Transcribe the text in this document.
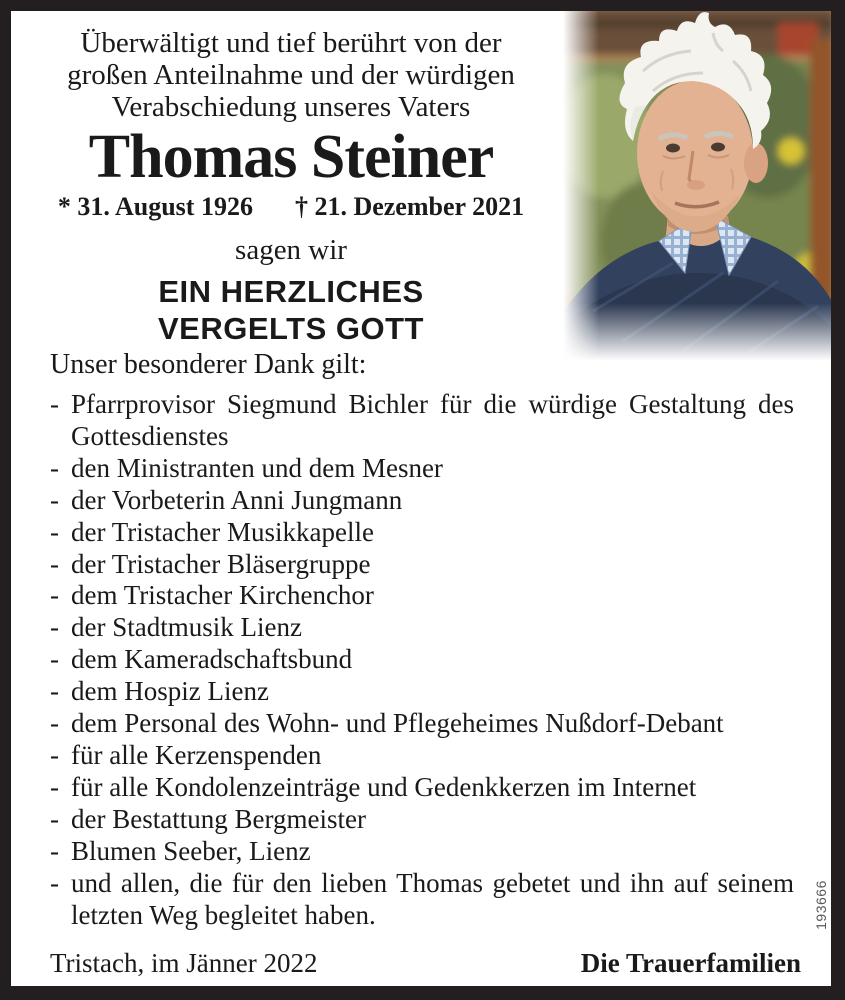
Überwältigt und tief berührt von der
großen Anteilnahme und der würdigen
Verabschiedung unseres Vaters
Thomas Steiner
* 31. August 1926 † 21. Dezember 2021
sagen wir
EIN HERZLICHES
VERGELTS GOTT
Unser besonderer Dank gilt:
- Pfarrprovisor Siegmund Bichler für die würdige Gestaltung des Gottesdienstes
- den Ministranten und dem Mesner
- der Vorbeterin Anni Jungmann
- der Tristacher Musikkapelle
- der Tristacher Bläsergruppe
- dem Tristacher Kirchenchor
- der Stadtmusik Lienz
- dem Kameradschaftsbund
- dem Hospiz Lienz
- dem Personal des Wohn- und Pflegeheimes Nußdorf-Debant
- für alle Kerzenspenden
- für alle Kondolenzeinträge und Gedenkkerzen im Internet
- der Bestattung Bergmeister
- Blumen Seeber, Lienz
- und allen, die für den lieben Thomas gebetet und ihn auf seinem letzten Weg begleitet haben.
Tristach, im Jänner 2022	Die Trauerfamilien
193666
